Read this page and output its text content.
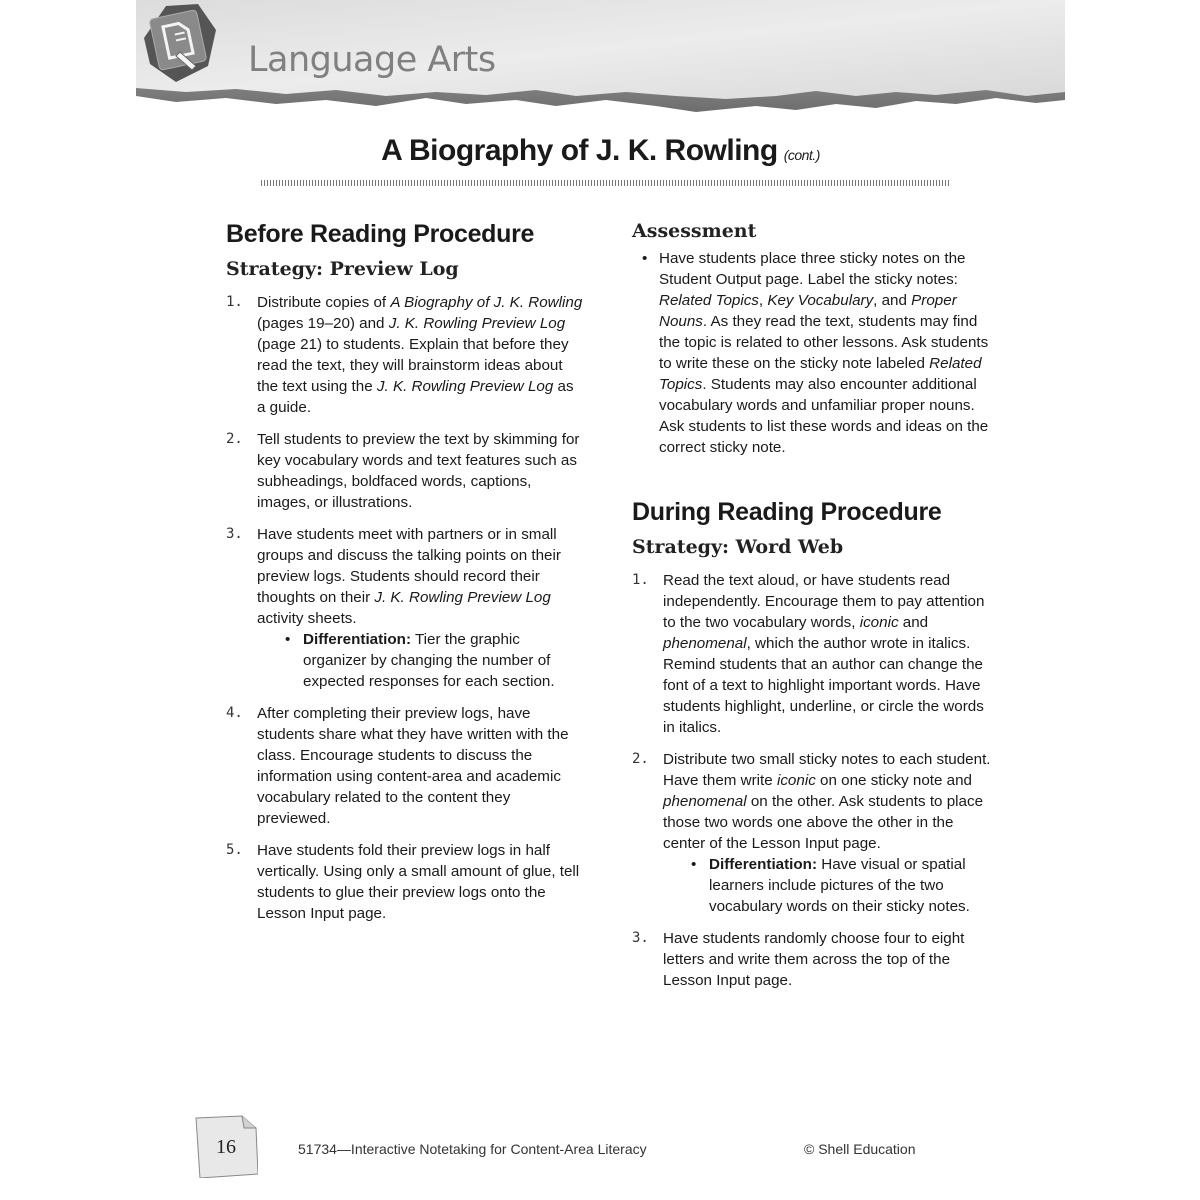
Language Arts
A Biography of J. K. Rowling (cont.)
Before Reading Procedure
Strategy: Preview Log
1. Distribute copies of A Biography of J. K. Rowling (pages 19–20) and J. K. Rowling Preview Log (page 21) to students. Explain that before they read the text, they will brainstorm ideas about the text using the J. K. Rowling Preview Log as a guide.
2. Tell students to preview the text by skimming for key vocabulary words and text features such as subheadings, boldfaced words, captions, images, or illustrations.
3. Have students meet with partners or in small groups and discuss the talking points on their preview logs. Students should record their thoughts on their J. K. Rowling Preview Log activity sheets.
• Differentiation: Tier the graphic organizer by changing the number of expected responses for each section.
4. After completing their preview logs, have students share what they have written with the class. Encourage students to discuss the information using content-area and academic vocabulary related to the content they previewed.
5. Have students fold their preview logs in half vertically. Using only a small amount of glue, tell students to glue their preview logs onto the Lesson Input page.
Assessment
• Have students place three sticky notes on the Student Output page. Label the sticky notes: Related Topics, Key Vocabulary, and Proper Nouns. As they read the text, students may find the topic is related to other lessons. Ask students to write these on the sticky note labeled Related Topics. Students may also encounter additional vocabulary words and unfamiliar proper nouns. Ask students to list these words and ideas on the correct sticky note.
During Reading Procedure
Strategy: Word Web
1. Read the text aloud, or have students read independently. Encourage them to pay attention to the two vocabulary words, iconic and phenomenal, which the author wrote in italics. Remind students that an author can change the font of a text to highlight important words. Have students highlight, underline, or circle the words in italics.
2. Distribute two small sticky notes to each student. Have them write iconic on one sticky note and phenomenal on the other. Ask students to place those two words one above the other in the center of the Lesson Input page.
• Differentiation: Have visual or spatial learners include pictures of the two vocabulary words on their sticky notes.
3. Have students randomly choose four to eight letters and write them across the top of the Lesson Input page.
16	51734—Interactive Notetaking for Content-Area Literacy	© Shell Education
